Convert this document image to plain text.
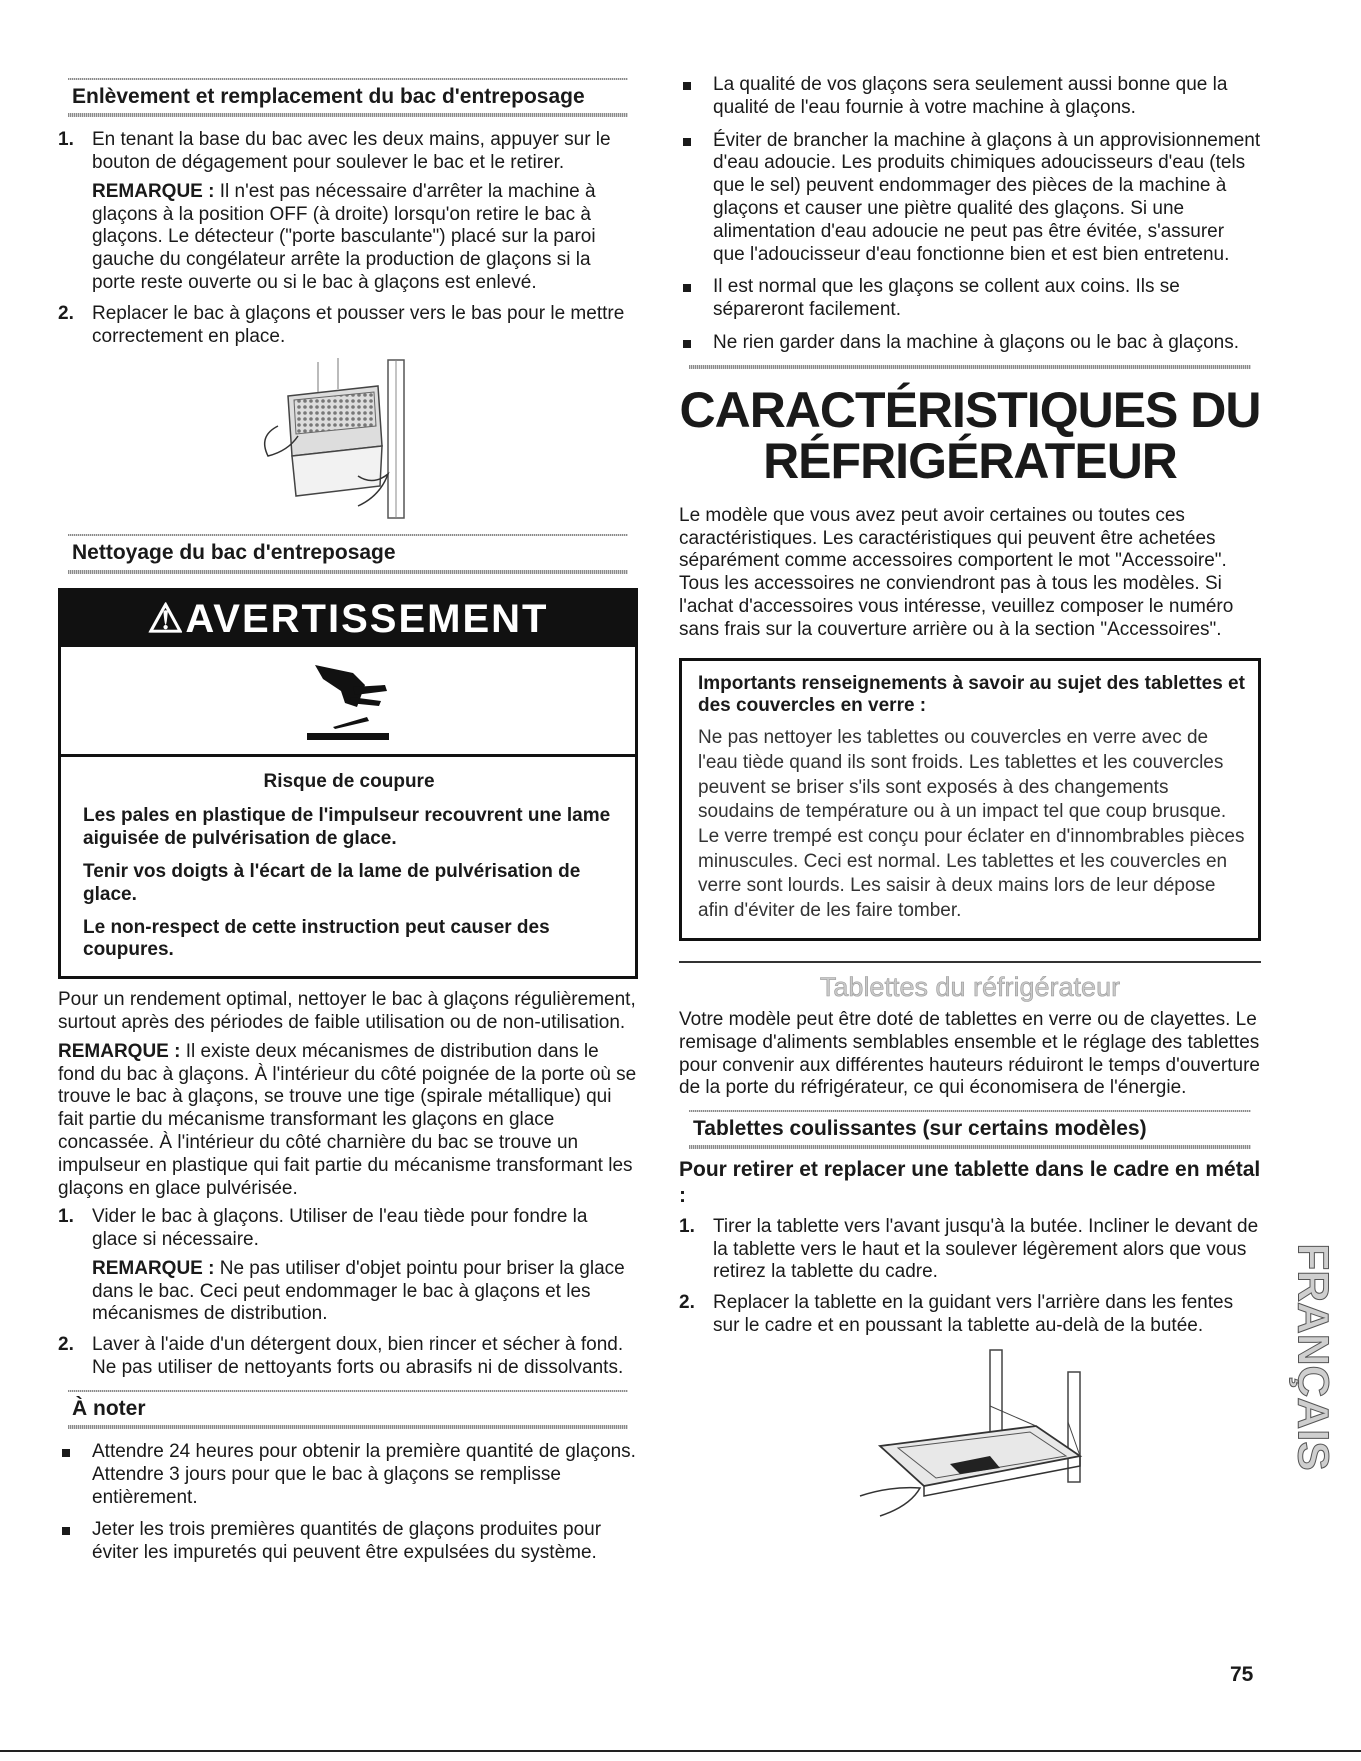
Enlèvement et remplacement du bac d'entreposage
1. En tenant la base du bac avec les deux mains, appuyer sur le bouton de dégagement pour soulever le bac et le retirer.
REMARQUE : Il n'est pas nécessaire d'arrêter la machine à glaçons à la position OFF (à droite) lorsqu'on retire le bac à glaçons. Le détecteur ("porte basculante") placé sur la paroi gauche du congélateur arrête la production de glaçons si la porte reste ouverte ou si le bac à glaçons est enlevé.
2. Replacer le bac à glaçons et pousser vers le bas pour le mettre correctement en place.
Nettoyage du bac d'entreposage
⚠AVERTISSEMENT
Risque de coupure

Les pales en plastique de l'impulseur recouvrent une lame aiguisée de pulvérisation de glace.

Tenir vos doigts à l'écart de la lame de pulvérisation de glace.

Le non-respect de cette instruction peut causer des coupures.

Pour un rendement optimal, nettoyer le bac à glaçons régulièrement, surtout après des périodes de faible utilisation ou de non-utilisation.

REMARQUE : Il existe deux mécanismes de distribution dans le fond du bac à glaçons. À l'intérieur du côté poignée de la porte où se trouve le bac à glaçons, se trouve une tige (spirale métallique) qui fait partie du mécanisme transformant les glaçons en glace concassée. À l'intérieur du côté charnière du bac se trouve un impulseur en plastique qui fait partie du mécanisme transformant les glaçons en glace pulvérisée.

1. Vider le bac à glaçons. Utiliser de l'eau tiède pour fondre la glace si nécessaire.
REMARQUE : Ne pas utiliser d'objet pointu pour briser la glace dans le bac. Ceci peut endommager le bac à glaçons et les mécanismes de distribution.
2. Laver à l'aide d'un détergent doux, bien rincer et sécher à fond. Ne pas utiliser de nettoyants forts ou abrasifs ni de dissolvants.
À noter
Attendre 24 heures pour obtenir la première quantité de glaçons. Attendre 3 jours pour que le bac à glaçons se remplisse entièrement.
Jeter les trois premières quantités de glaçons produites pour éviter les impuretés qui peuvent être expulsées du système.
La qualité de vos glaçons sera seulement aussi bonne que la qualité de l'eau fournie à votre machine à glaçons.
Éviter de brancher la machine à glaçons à un approvisionnement d'eau adoucie. Les produits chimiques adoucisseurs d'eau (tels que le sel) peuvent endommager des pièces de la machine à glaçons et causer une piètre qualité des glaçons. Si une alimentation d'eau adoucie ne peut pas être évitée, s'assurer que l'adoucisseur d'eau fonctionne bien et est bien entretenu.
Il est normal que les glaçons se collent aux coins. Ils se sépareront facilement.
Ne rien garder dans la machine à glaçons ou le bac à glaçons.
CARACTÉRISTIQUES DU
RÉFRIGÉRATEUR

Le modèle que vous avez peut avoir certaines ou toutes ces caractéristiques. Les caractéristiques qui peuvent être achetées séparément comme accessoires comportent le mot "Accessoire". Tous les accessoires ne conviendront pas à tous les modèles. Si l'achat d'accessoires vous intéresse, veuillez composer le numéro sans frais sur la couverture arrière ou à la section "Accessoires".

Importants renseignements à savoir au sujet des tablettes et des couvercles en verre :
Ne pas nettoyer les tablettes ou couvercles en verre avec de l'eau tiède quand ils sont froids. Les tablettes et les couvercles peuvent se briser s'ils sont exposés à des changements soudains de température ou à un impact tel que coup brusque. Le verre trempé est conçu pour éclater en d'innombrables pièces minuscules. Ceci est normal. Les tablettes et les couvercles en verre sont lourds. Les saisir à deux mains lors de leur dépose afin d'éviter de les faire tomber.
Tablettes du réfrigérateur

Votre modèle peut être doté de tablettes en verre ou de clayettes. Le remisage d'aliments semblables ensemble et le réglage des tablettes pour convenir aux différentes hauteurs réduiront le temps d'ouverture de la porte du réfrigérateur, ce qui économisera de l'énergie.

Tablettes coulissantes (sur certains modèles)
Pour retirer et replacer une tablette dans le cadre en métal :
1. Tirer la tablette vers l'avant jusqu'à la butée. Incliner le devant de la tablette vers le haut et la soulever légèrement alors que vous retirez la tablette du cadre.
2. Replacer la tablette en la guidant vers l'arrière dans les fentes sur le cadre et en poussant la tablette au-delà de la butée.	FRANÇAIS
75
